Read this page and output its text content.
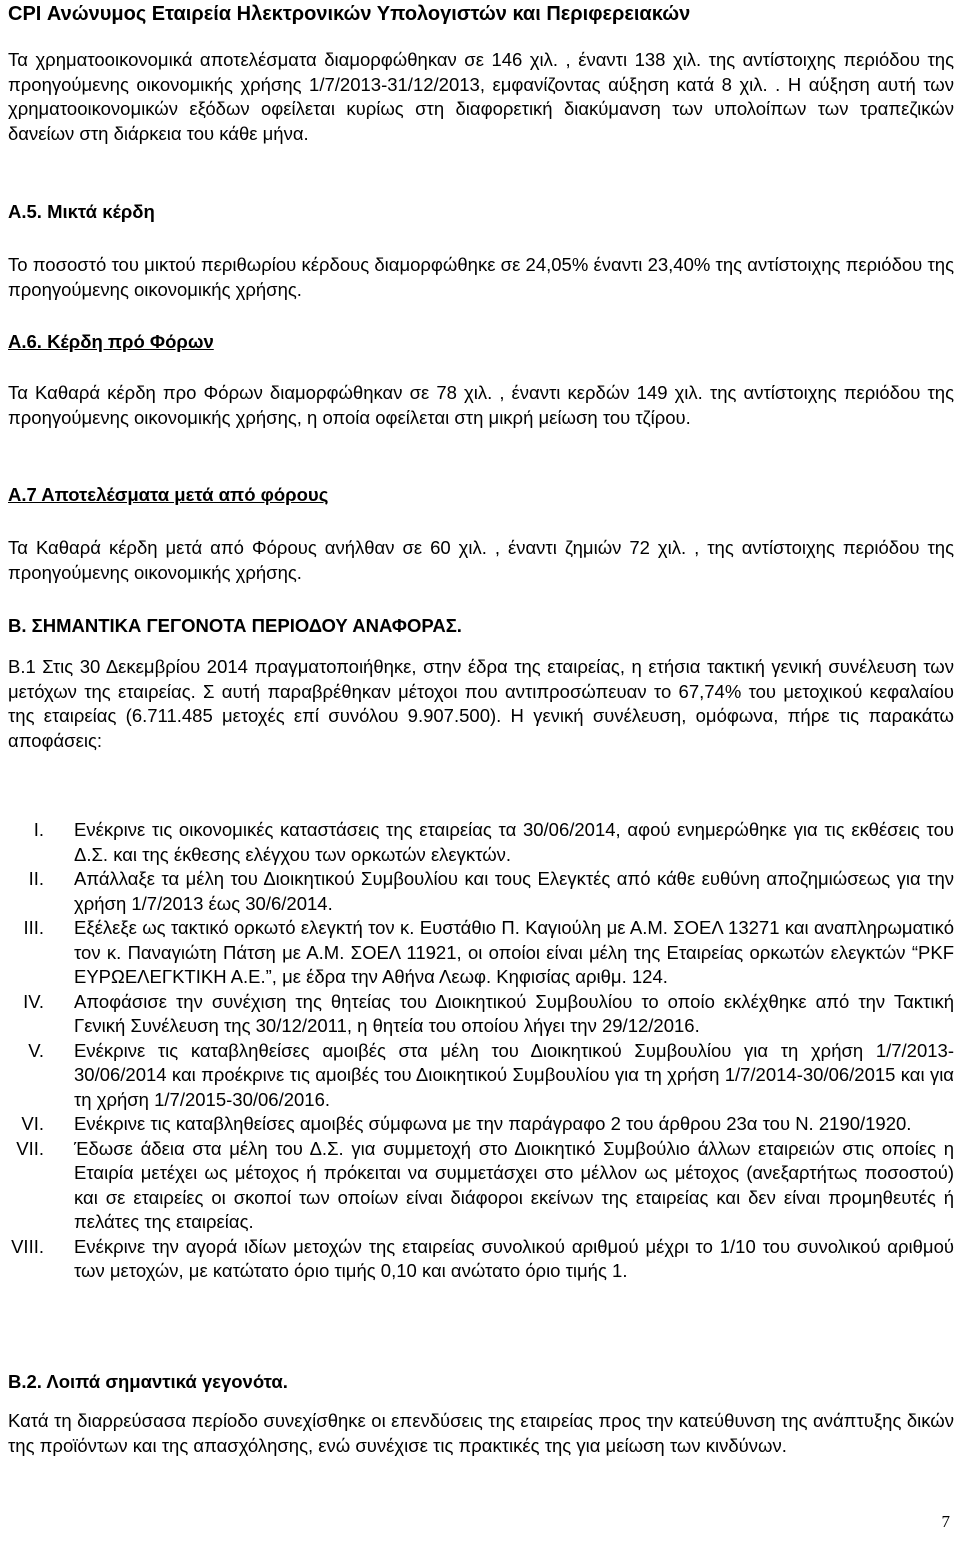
CPI Ανώνυμος Εταιρεία Ηλεκτρονικών Υπολογιστών και Περιφερειακών

Τα χρηματοοικονομικά αποτελέσματα διαμορφώθηκαν σε 146 χιλ. , έναντι 138 χιλ. της αντίστοιχης περιόδου της προηγούμενης οικονομικής χρήσης 1/7/2013-31/12/2013, εμφανίζοντας αύξηση κατά 8 χιλ. . Η αύξηση αυτή των χρηματοοικονομικών εξόδων οφείλεται κυρίως στη διαφορετική διακύμανση των υπολοίπων των τραπεζικών δανείων στη διάρκεια του κάθε μήνα.

Α.5. Μικτά κέρδη

Το ποσοστό του μικτού περιθωρίου κέρδους διαμορφώθηκε σε 24,05% έναντι 23,40% της αντίστοιχης περιόδου της προηγούμενης οικονομικής χρήσης.

Α.6. Κέρδη πρό Φόρων

Τα Καθαρά κέρδη προ Φόρων διαμορφώθηκαν σε 78 χιλ. , έναντι κερδών 149 χιλ. της αντίστοιχης περιόδου της προηγούμενης οικονομικής χρήσης, η οποία οφείλεται στη μικρή μείωση του τζίρου.

Α.7 Αποτελέσματα μετά από φόρους

Τα Καθαρά κέρδη μετά από Φόρους ανήλθαν σε 60 χιλ. , έναντι ζημιών 72 χιλ. , της αντίστοιχης περιόδου της προηγούμενης οικονομικής χρήσης.

Β. ΣΗΜΑΝΤΙΚΑ ΓΕΓΟΝΟΤΑ ΠΕΡΙΟΔΟΥ ΑΝΑΦΟΡΑΣ.

Β.1 Στις 30 Δεκεμβρίου 2014 πραγματοποιήθηκε, στην έδρα της εταιρείας, η ετήσια τακτική γενική συνέλευση των μετόχων της εταιρείας. Σ αυτή παραβρέθηκαν μέτοχοι που αντιπροσώπευαν το 67,74% του μετοχικού κεφαλαίου της εταιρείας (6.711.485 μετοχές επί συνόλου 9.907.500). Η γενική συνέλευση, ομόφωνα, πήρε τις παρακάτω αποφάσεις:

I. Ενέκρινε τις οικονομικές καταστάσεις της εταιρείας τα 30/06/2014, αφού ενημερώθηκε για τις εκθέσεις του Δ.Σ. και της έκθεσης ελέγχου των ορκωτών ελεγκτών.
II. Απάλλαξε τα μέλη του Διοικητικού Συμβουλίου και τους Ελεγκτές από κάθε ευθύνη αποζημιώσεως για την χρήση 1/7/2013 έως 30/6/2014.
III. Εξέλεξε ως τακτικό ορκωτό ελεγκτή τον κ. Ευστάθιο Π. Καγιούλη με Α.Μ. ΣΟΕΛ 13271 και αναπληρωματικό τον κ. Παναγιώτη Πάτση με Α.Μ. ΣΟΕΛ 11921, οι οποίοι είναι μέλη της Εταιρείας ορκωτών ελεγκτών “PKF ΕΥΡΩΕΛΕΓΚΤΙΚΗ Α.Ε.”, με έδρα την Αθήνα Λεωφ. Κηφισίας αριθμ. 124.
IV. Αποφάσισε την συνέχιση της θητείας του Διοικητικού Συμβουλίου το οποίο εκλέχθηκε από την Τακτική Γενική Συνέλευση της 30/12/2011, η θητεία του οποίου λήγει την 29/12/2016.
V. Ενέκρινε τις καταβληθείσες αμοιβές στα μέλη του Διοικητικού Συμβουλίου για τη χρήση 1/7/2013-30/06/2014 και προέκρινε τις αμοιβές του Διοικητικού Συμβουλίου για τη χρήση 1/7/2014-30/06/2015 και για τη χρήση 1/7/2015-30/06/2016.
VI. Ενέκρινε τις καταβληθείσες αμοιβές σύμφωνα με την παράγραφο 2 του άρθρου 23α του Ν. 2190/1920.
VII. Έδωσε άδεια στα μέλη του Δ.Σ. για συμμετοχή στο Διοικητικό Συμβούλιο άλλων εταιρειών στις οποίες η Εταιρία μετέχει ως μέτοχος ή πρόκειται να συμμετάσχει στο μέλλον ως μέτοχος (ανεξαρτήτως ποσοστού) και σε εταιρείες οι σκοποί των οποίων είναι διάφοροι εκείνων της εταιρείας και δεν είναι προμηθευτές ή πελάτες της εταιρείας.
VIII. Ενέκρινε την αγορά ιδίων μετοχών της εταιρείας συνολικού αριθμού μέχρι το 1/10 του συνολικού αριθμού των μετοχών, με κατώτατο όριο τιμής 0,10 και ανώτατο όριο τιμής 1.

Β.2. Λοιπά σημαντικά γεγονότα.

Κατά τη διαρρεύσασα περίοδο συνεχίσθηκε οι επενδύσεις της εταιρείας προς την κατεύθυνση της ανάπτυξης δικών της προϊόντων και της απασχόλησης, ενώ συνέχισε τις πρακτικές της για μείωση των κινδύνων.

7
